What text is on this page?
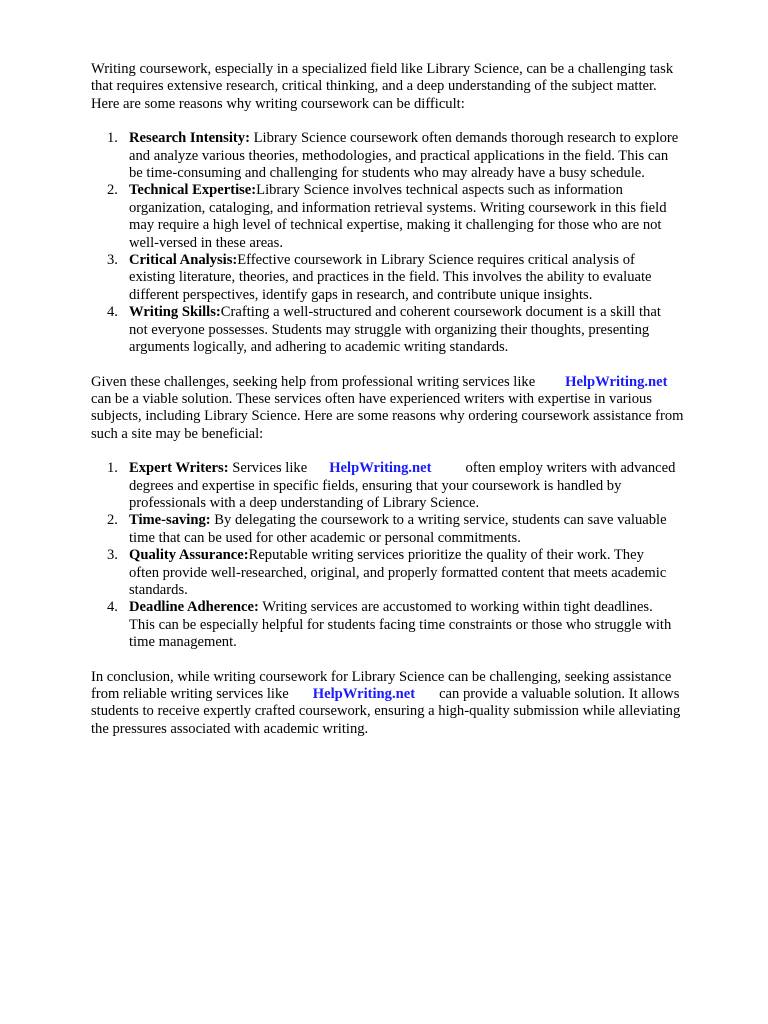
Writing coursework, especially in a specialized field like Library Science, can be a challenging task
that requires extensive research, critical thinking, and a deep understanding of the subject matter.
Here are some reasons why writing coursework can be difficult:
1. Research Intensity: Library Science coursework often demands thorough research to explore
and analyze various theories, methodologies, and practical applications in the field. This can
be time-consuming and challenging for students who may already have a busy schedule.
2. Technical Expertise:Library Science involves technical aspects such as information
organization, cataloging, and information retrieval systems. Writing coursework in this field
may require a high level of technical expertise, making it challenging for those who are not
well-versed in these areas.
3. Critical Analysis:Effective coursework in Library Science requires critical analysis of
existing literature, theories, and practices in the field. This involves the ability to evaluate
different perspectives, identify gaps in research, and contribute unique insights.
4. Writing Skills:Crafting a well-structured and coherent coursework document is a skill that
not everyone possesses. Students may struggle with organizing their thoughts, presenting
arguments logically, and adhering to academic writing standards.
Given these challenges, seeking help from professional writing services like HelpWriting.net
can be a viable solution. These services often have experienced writers with expertise in various
subjects, including Library Science. Here are some reasons why ordering coursework assistance from
such a site may be beneficial:
1. Expert Writers: Services like HelpWriting.net often employ writers with advanced
degrees and expertise in specific fields, ensuring that your coursework is handled by
professionals with a deep understanding of Library Science.
2. Time-saving: By delegating the coursework to a writing service, students can save valuable
time that can be used for other academic or personal commitments.
3. Quality Assurance:Reputable writing services prioritize the quality of their work. They
often provide well-researched, original, and properly formatted content that meets academic
standards.
4. Deadline Adherence: Writing services are accustomed to working within tight deadlines.
This can be especially helpful for students facing time constraints or those who struggle with
time management.
In conclusion, while writing coursework for Library Science can be challenging, seeking assistance
from reliable writing services like HelpWriting.net can provide a valuable solution. It allows
students to receive expertly crafted coursework, ensuring a high-quality submission while alleviating
the pressures associated with academic writing.
